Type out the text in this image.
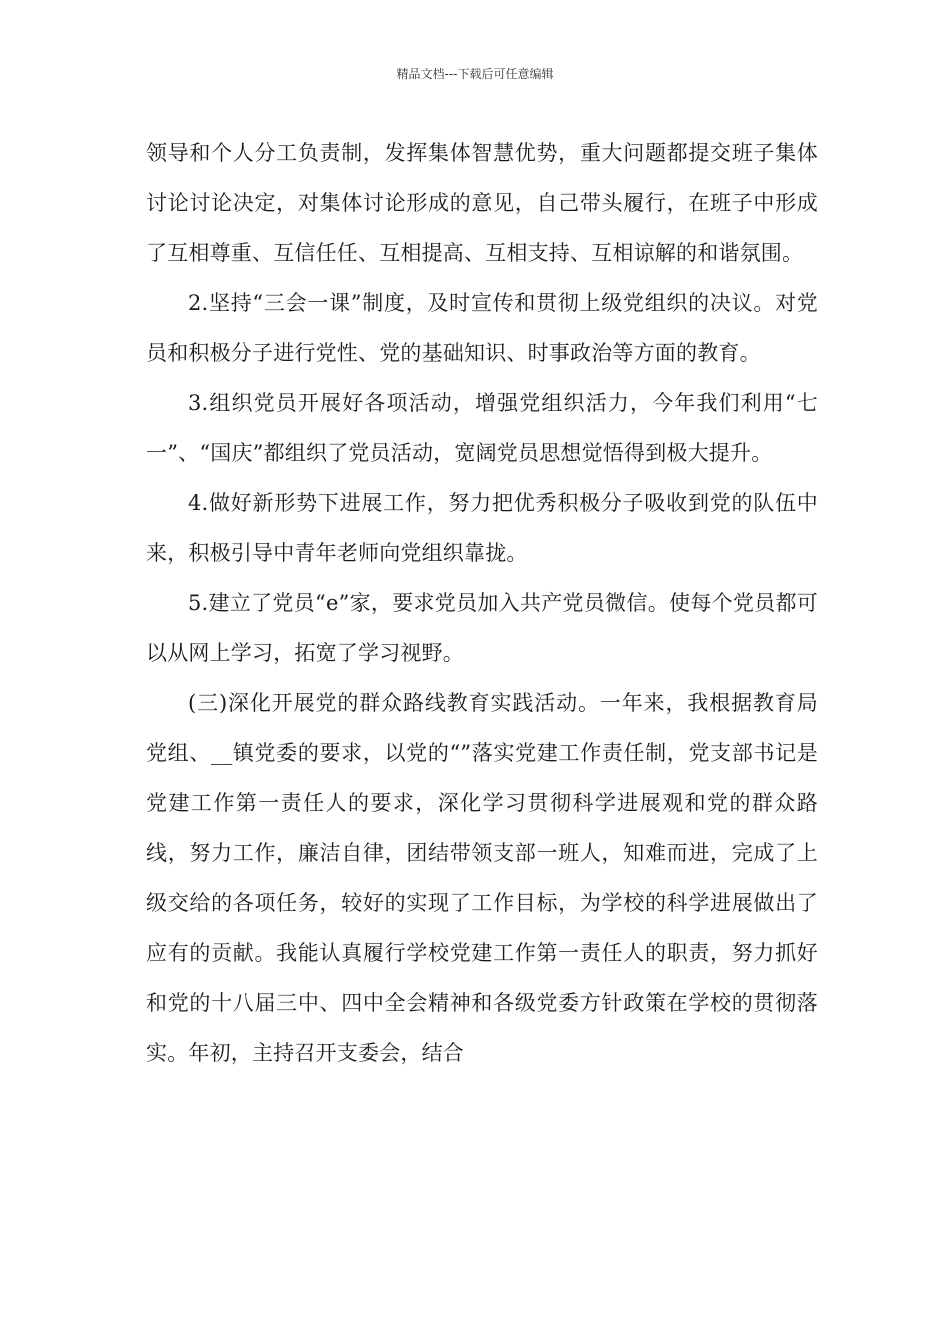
精品文档---下载后可任意编辑

领导和个人分工负责制，发挥集体智慧优势，重大问题都提交班子集体讨论讨论决定，对集体讨论形成的意见，自己带头履行，在班子中形成了互相尊重、互信任任、互相提高、互相支持、互相谅解的和谐氛围。

2.坚持“三会一课”制度，及时宣传和贯彻上级党组织的决议。对党员和积极分子进行党性、党的基础知识、时事政治等方面的教育。

3.组织党员开展好各项活动，增强党组织活力，今年我们利用“七一”、“国庆”都组织了党员活动，宽阔党员思想觉悟得到极大提升。

4.做好新形势下进展工作，努力把优秀积极分子吸收到党的队伍中来，积极引导中青年老师向党组织靠拢。

5.建立了党员“e”家，要求党员加入共产党员微信。使每个党员都可以从网上学习，拓宽了学习视野。

(三)深化开展党的群众路线教育实践活动。一年来，我根据教育局党组、__镇党委的要求，以党的“”落实党建工作责任制，党支部书记是党建工作第一责任人的要求，深化学习贯彻科学进展观和党的群众路线，努力工作，廉洁自律，团结带领支部一班人，知难而进，完成了上级交给的各项任务，较好的实现了工作目标，为学校的科学进展做出了应有的贡献。我能认真履行学校党建工作第一责任人的职责，努力抓好和党的十八届三中、四中全会精神和各级党委方针政策在学校的贯彻落实。年初，主持召开支委会，结合
